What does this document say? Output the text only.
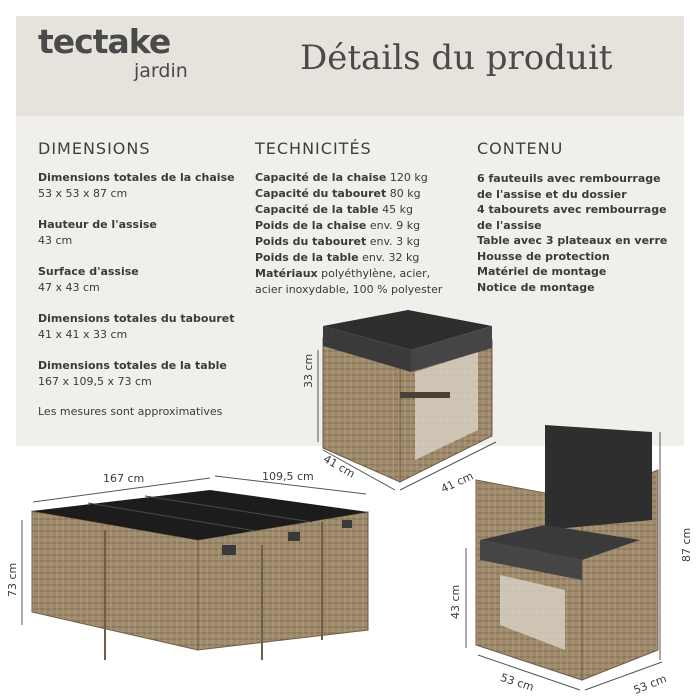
tectake
jardin	Détails du produit
DIMENSIONS
Dimensions totales de la chaise
53 x 53 x 87 cm
Hauteur de l'assise
43 cm
Surface d'assise
47 x 43 cm
Dimensions totales du tabouret
41 x 41 x 33 cm
Dimensions totales de la table
167 x 109,5 x 73 cm
Les mesures sont approximatives
TECHNICITÉS
Capacité de la chaise 120 kg
Capacité du tabouret 80 kg
Capacité de la table 45 kg
Poids de la chaise env. 9 kg
Poids du tabouret env. 3 kg
Poids de la table env. 32 kg
Matériaux polyéthylène, acier,
acier inoxydable, 100 % polyester
CONTENU
6 fauteuils avec rembourrage
de l'assise et du dossier
4 tabourets avec rembourrage
de l'assise
Table avec 3 plateaux en verre
Housse de protection
Matériel de montage
Notice de montage
33 cm
41 cm
41 cm
167 cm	109,5 cm
73 cm
87 cm
43 cm
53 cm	53 cm
